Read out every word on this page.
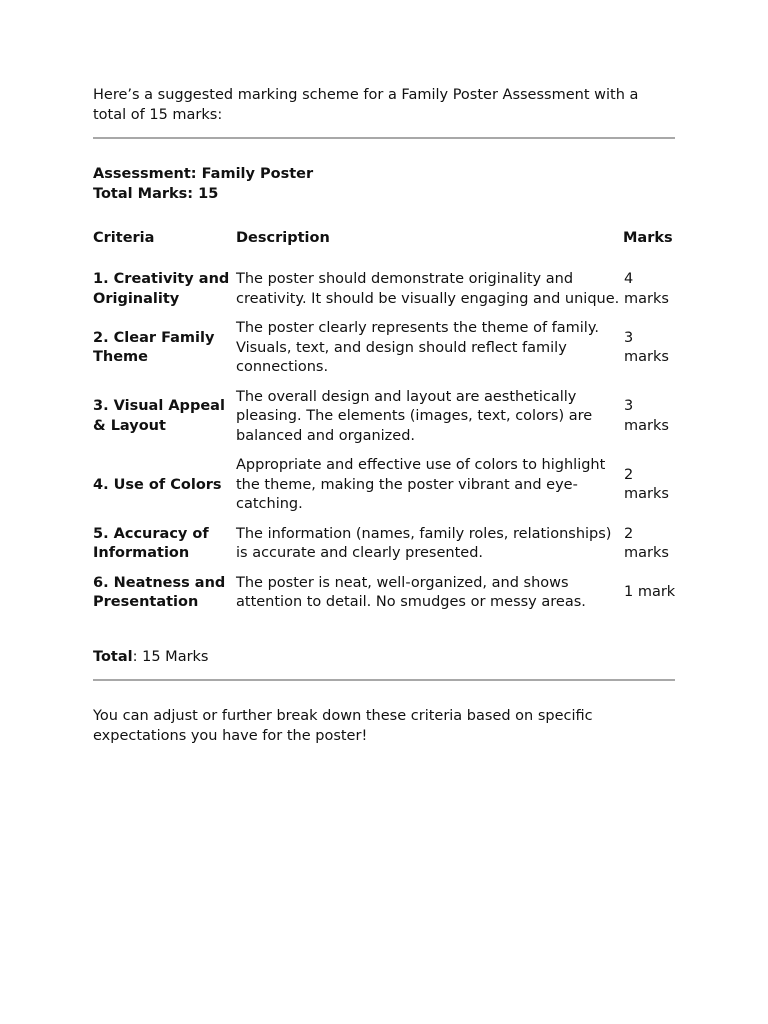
Here’s a suggested marking scheme for a Family Poster Assessment with a total of 15 marks:

Assessment: Family Poster
Total Marks: 15
Criteria	Description	Marks
1. Creativity and Originality	The poster should demonstrate originality and creativity. It should be visually engaging and unique.	4 marks
2. Clear Family Theme	The poster clearly represents the theme of family. Visuals, text, and design should reflect family connections.	3 marks
3. Visual Appeal & Layout	The overall design and layout are aesthetically pleasing. The elements (images, text, colors) are balanced and organized.	3 marks
4. Use of Colors	Appropriate and effective use of colors to highlight the theme, making the poster vibrant and eye-catching.	2 marks
5. Accuracy of Information	The information (names, family roles, relationships) is accurate and clearly presented.	2 marks
6. Neatness and Presentation	The poster is neat, well-organized, and shows attention to detail. No smudges or messy areas.	1 mark
Total: 15 Marks

You can adjust or further break down these criteria based on specific expectations you have for the poster!
